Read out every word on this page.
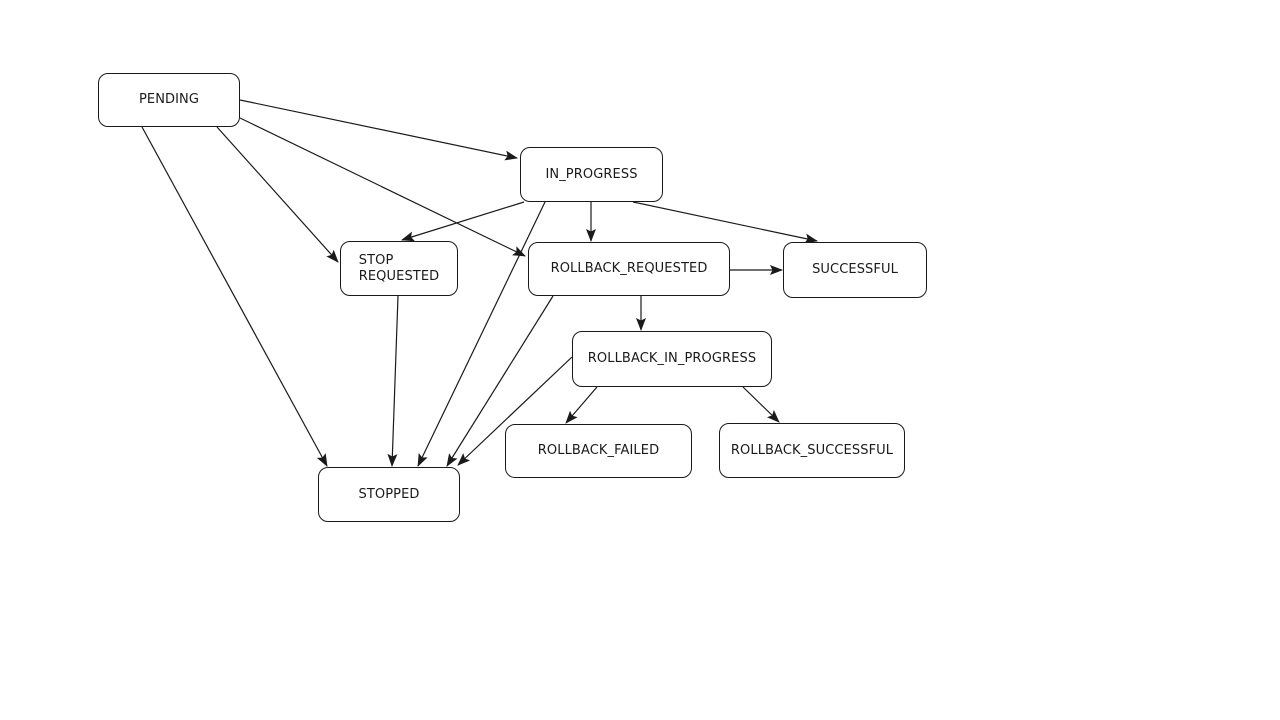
PENDING
IN_PROGRESS
STOP
REQUESTED	ROLLBACK_REQUESTED	SUCCESSFUL
ROLLBACK_IN_PROGRESS
ROLLBACK_FAILED	ROLLBACK_SUCCESSFUL
STOPPED
